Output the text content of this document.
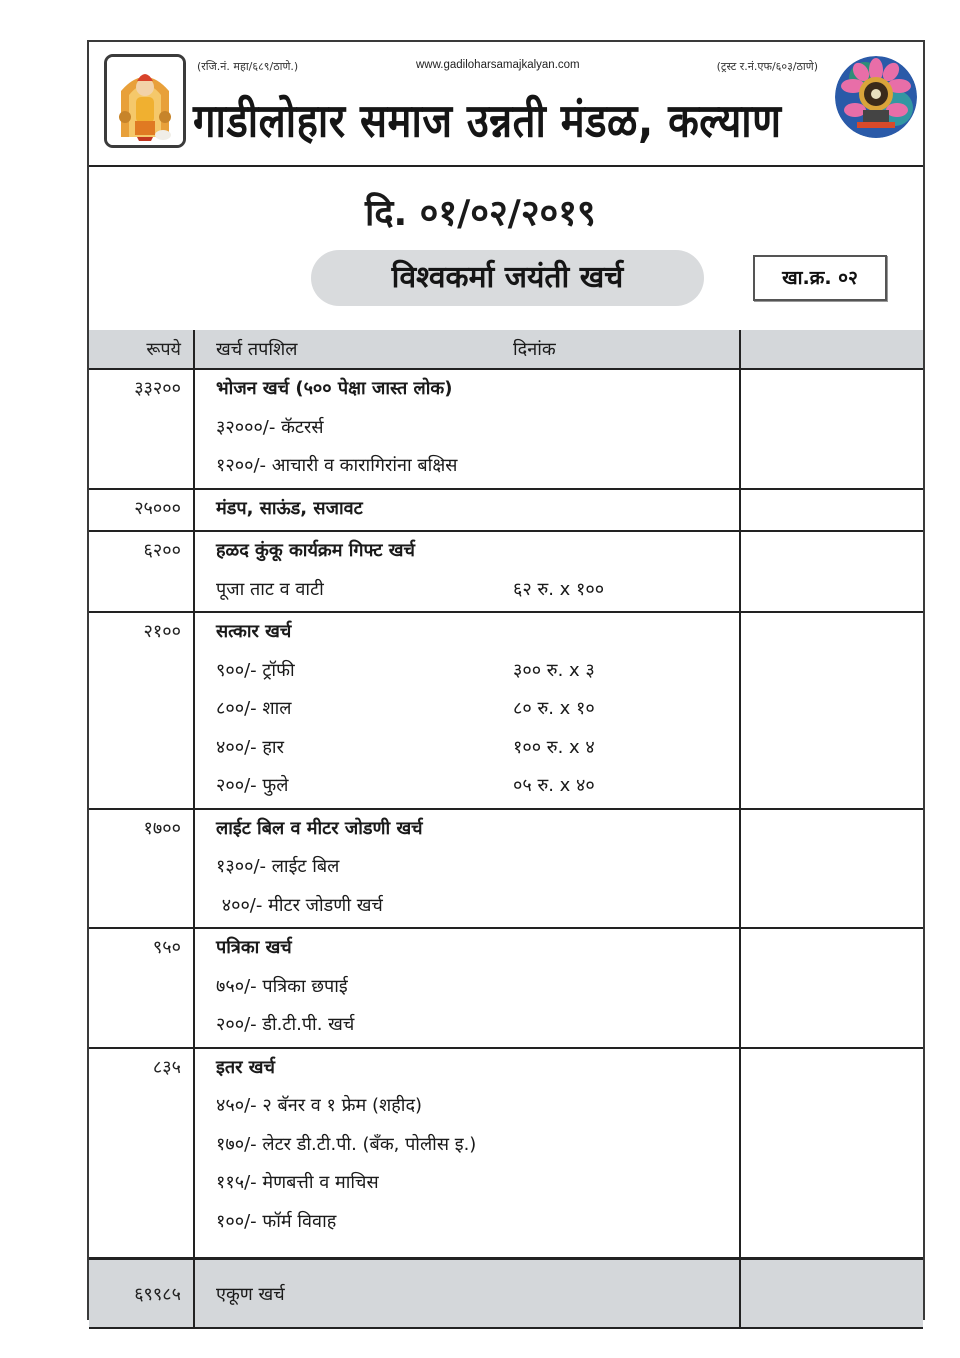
(रजि.नं. महा/६८९/ठाणे.)	www.gadiloharsamajkalyan.com	(ट्रस्ट र.नं.एफ/६०३/ठाणे)
गाडीलोहार समाज उन्नती मंडळ, कल्याण
दि. ०१/०२/२०१९
विश्वकर्मा जयंती खर्च	खा.क्र. ०२
रूपये	खर्च तपशिल	दिनांक
३३२०० भोजन खर्च (५०० पेक्षा जास्त लोक)
३२०००/- कॅटरर्स
१२००/- आचारी व कारागिरांना बक्षिस
२५००० मंडप, साऊंड, सजावट
६२०० हळद कुंकू कार्यक्रम गिफ्ट खर्च
पूजा ताट व वाटी	६२ रु. x १००
२१०० सत्कार खर्च
९००/- ट्रॉफी	३०० रु. x ३
८००/- शाल	८० रु. x १०
४००/- हार	१०० रु. x ४
२००/- फुले	०५ रु. x ४०
१७०० लाईट बिल व मीटर जोडणी खर्च
१३००/- लाईट बिल
४००/- मीटर जोडणी खर्च
९५० पत्रिका खर्च
७५०/- पत्रिका छपाई
२००/- डी.टी.पी. खर्च
८३५ इतर खर्च
४५०/- २ बॅनर व १ फ्रेम (शहीद)
१७०/- लेटर डी.टी.पी. (बँक, पोलीस इ.)
११५/- मेणबत्ती व माचिस
१००/- फॉर्म विवाह
६९९८५ एकूण खर्च
